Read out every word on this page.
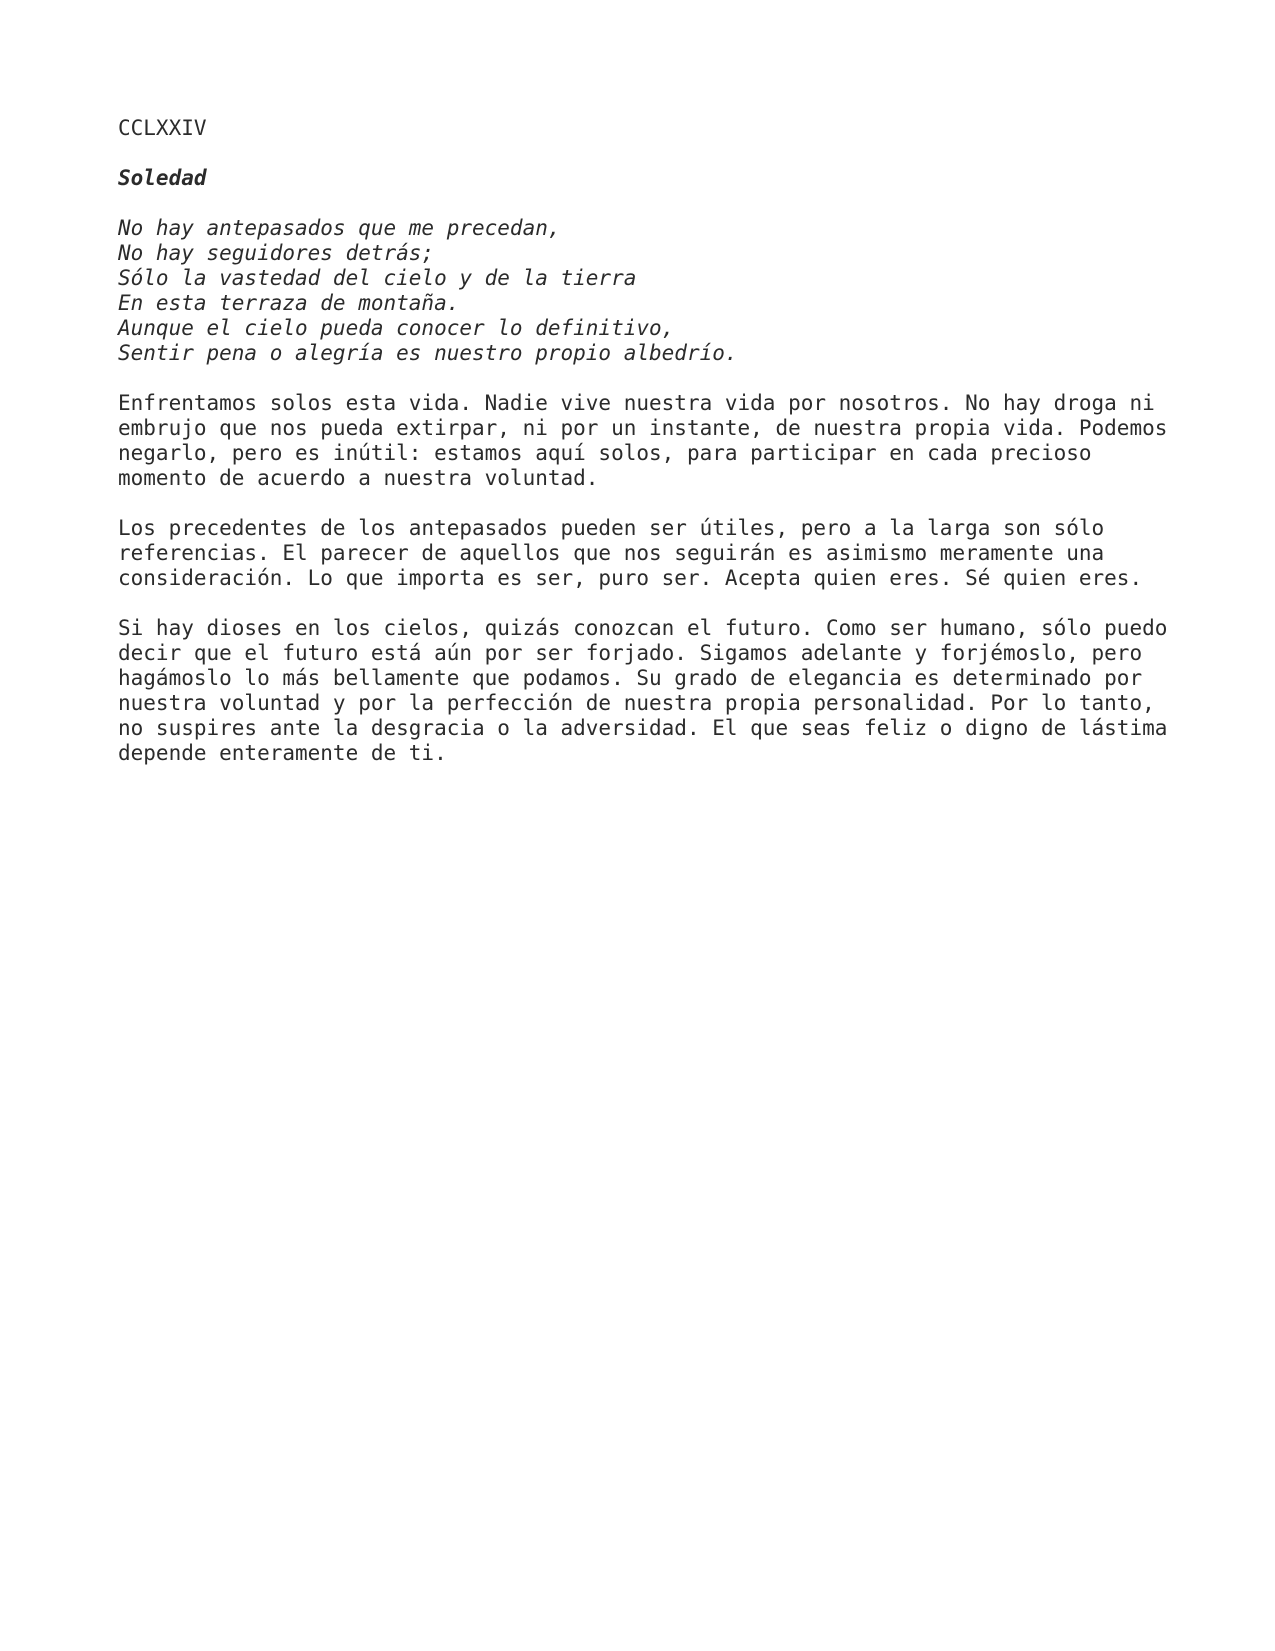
CCLXXIV
Soledad
No hay antepasados que me precedan,
No hay seguidores detrás;
Sólo la vastedad del cielo y de la tierra
En esta terraza de montaña.
Aunque el cielo pueda conocer lo definitivo,
Sentir pena o alegría es nuestro propio albedrío.
Enfrentamos solos esta vida. Nadie vive nuestra vida por nosotros. No hay droga ni
embrujo que nos pueda extirpar, ni por un instante, de nuestra propia vida. Podemos
negarlo, pero es inútil: estamos aquí solos, para participar en cada precioso
momento de acuerdo a nuestra voluntad.
Los precedentes de los antepasados pueden ser útiles, pero a la larga son sólo
referencias. El parecer de aquellos que nos seguirán es asimismo meramente una
consideración. Lo que importa es ser, puro ser. Acepta quien eres. Sé quien eres.
Si hay dioses en los cielos, quizás conozcan el futuro. Como ser humano, sólo puedo
decir que el futuro está aún por ser forjado. Sigamos adelante y forjémoslo, pero
hagámoslo lo más bellamente que podamos. Su grado de elegancia es determinado por
nuestra voluntad y por la perfección de nuestra propia personalidad. Por lo tanto,
no suspires ante la desgracia o la adversidad. El que seas feliz o digno de lástima
depende enteramente de ti.
